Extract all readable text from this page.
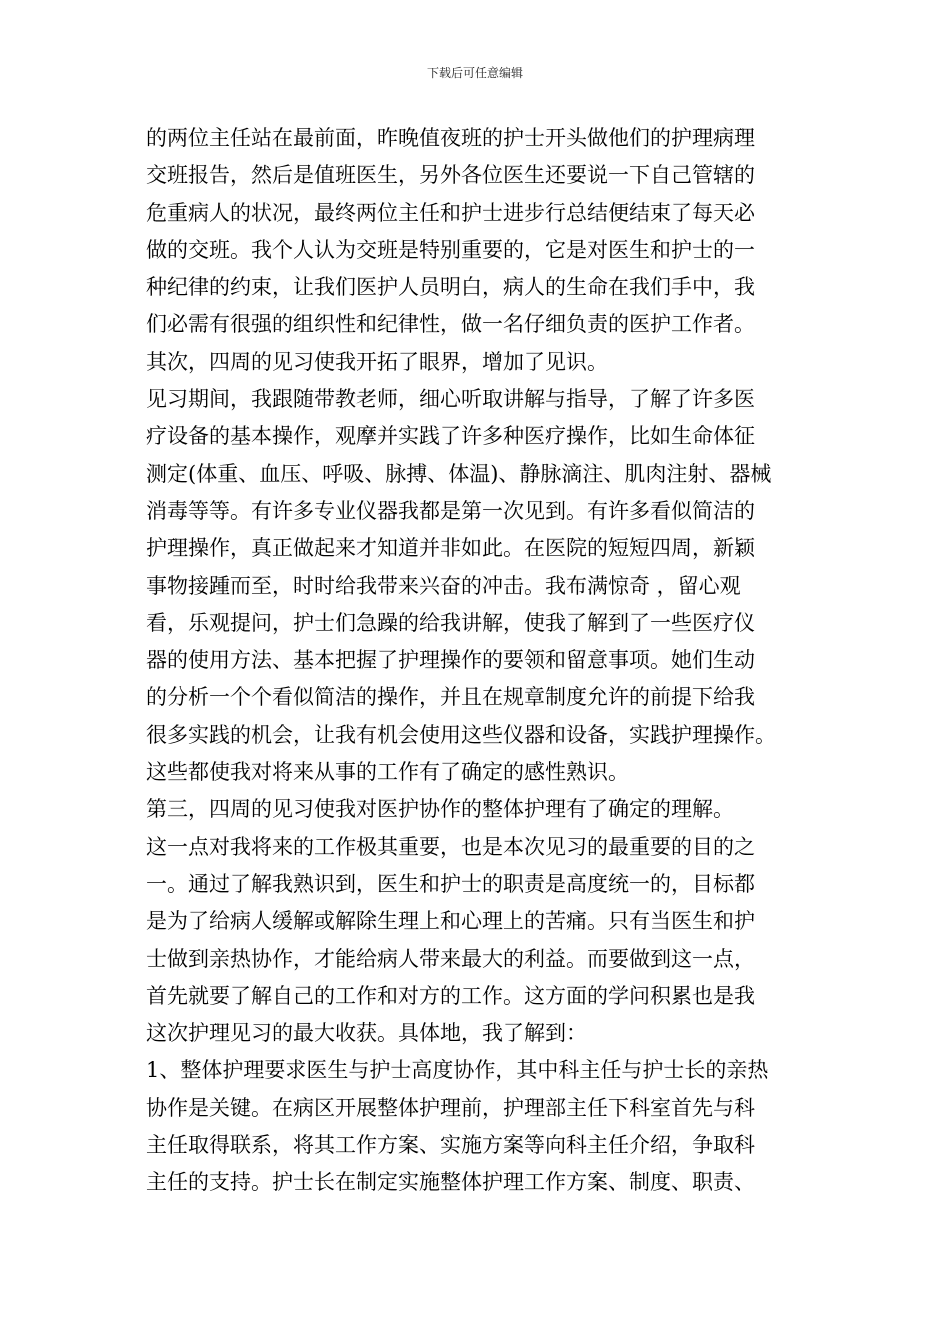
下载后可任意编辑
的两位主任站在最前面，昨晚值夜班的护士开头做他们的护理病理
交班报告，然后是值班医生，另外各位医生还要说一下自己管辖的
危重病人的状况，最终两位主任和护士进步行总结便结束了每天必
做的交班。我个人认为交班是特别重要的，它是对医生和护士的一
种纪律的约束，让我们医护人员明白，病人的生命在我们手中，我
们必需有很强的组织性和纪律性，做一名仔细负责的医护工作者。
其次，四周的见习使我开拓了眼界，增加了见识。
见习期间，我跟随带教老师，细心听取讲解与指导，了解了许多医
疗设备的基本操作，观摩并实践了许多种医疗操作，比如生命体征
测定(体重、血压、呼吸、脉搏、体温)、静脉滴注、肌肉注射、器械
消毒等等。有许多专业仪器我都是第一次见到。有许多看似简洁的
护理操作，真正做起来才知道并非如此。在医院的短短四周，新颖
事物接踵而至，时时给我带来兴奋的冲击。我布满惊奇 ，留心观
看，乐观提问，护士们急躁的给我讲解，使我了解到了一些医疗仪
器的使用方法、基本把握了护理操作的要领和留意事项。她们生动
的分析一个个看似简洁的操作，并且在规章制度允许的前提下给我
很多实践的机会，让我有机会使用这些仪器和设备，实践护理操作。
这些都使我对将来从事的工作有了确定的感性熟识。
第三，四周的见习使我对医护协作的整体护理有了确定的理解。
这一点对我将来的工作极其重要，也是本次见习的最重要的目的之
一。通过了解我熟识到，医生和护士的职责是高度统一的，目标都
是为了给病人缓解或解除生理上和心理上的苦痛。只有当医生和护
士做到亲热协作，才能给病人带来最大的利益。而要做到这一点，
首先就要了解自己的工作和对方的工作。这方面的学问积累也是我
这次护理见习的最大收获。具体地，我了解到：
1、整体护理要求医生与护士高度协作，其中科主任与护士长的亲热
协作是关键。在病区开展整体护理前，护理部主任下科室首先与科
主任取得联系，将其工作方案、实施方案等向科主任介绍，争取科
主任的支持。护士长在制定实施整体护理工作方案、制度、职责、
